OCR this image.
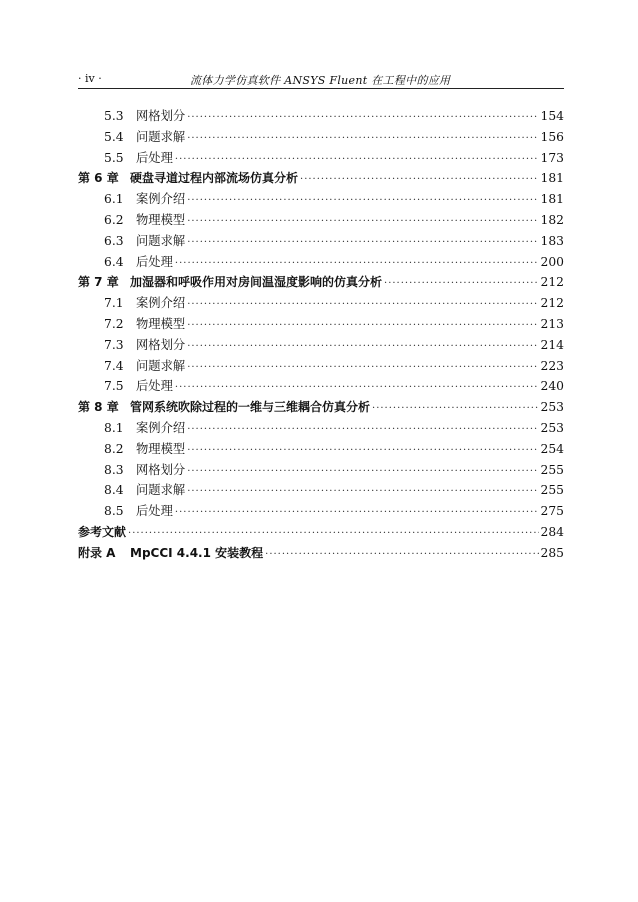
· iv ·	流体力学仿真软件 ANSYS Fluent 在工程中的应用
5.3	网格划分 ·····	154
5.4	问题求解 ·····	156
5.5	后处理 ·····	173
第 6 章 硬盘寻道过程内部流场仿真分析 ·····	181
6.1	案例介绍 ·····	181
6.2	物理模型 ·····	182
6.3	问题求解 ·····	183
6.4	后处理 ·····	200
第 7 章 加湿器和呼吸作用对房间温湿度影响的仿真分析 ·····	212
7.1	案例介绍 ·····	212
7.2	物理模型 ·····	213
7.3	网格划分 ·····	214
7.4	问题求解 ·····	223
7.5	后处理 ·····	240
第 8 章 管网系统吹除过程的一维与三维耦合仿真分析 ·····	253
8.1	案例介绍 ·····	253
8.2	物理模型 ·····	254
8.3	网格划分 ·····	255
8.4	问题求解 ·····	255
8.5	后处理 ·····	275
参考文献 ·····	284
附录 A	MpCCI 4.4.1 安装教程 ·····	285
